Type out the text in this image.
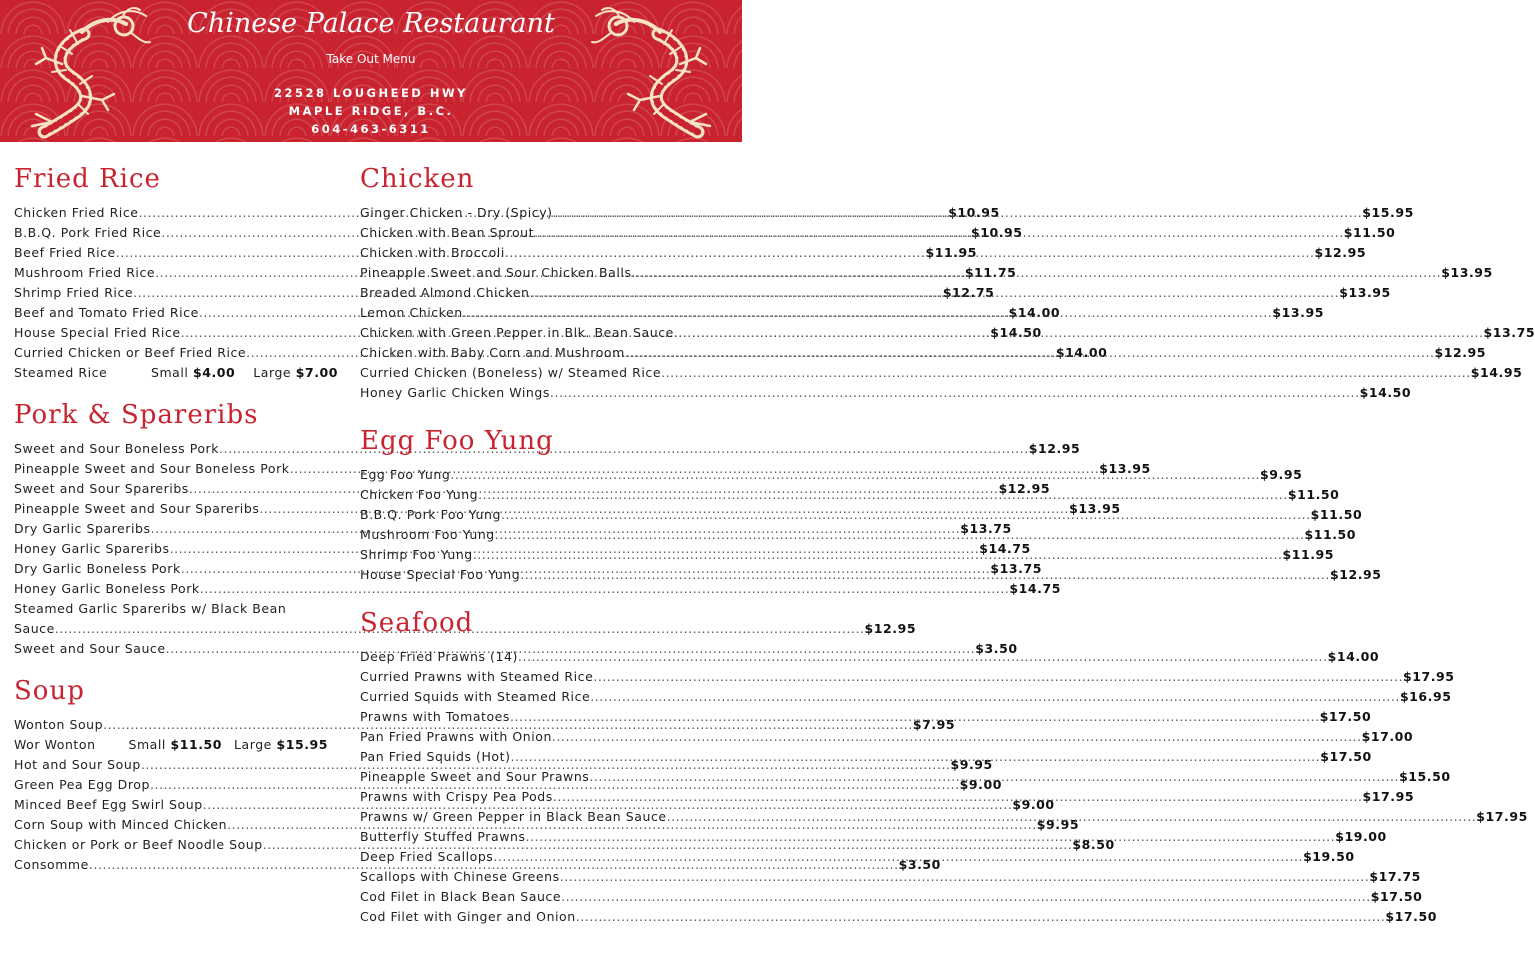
Chinese Palace Restaurant
Take Out Menu
22528 LOUGHEED HWY
MAPLE RIDGE, B.C.
604-463-6311
Fried Rice
Chicken Fried Rice .....	$10.95
B.B.Q. Pork Fried Rice .....	$10.95
Beef Fried Rice .....	$11.95
Mushroom Fried Rice .....	$11.75
Shrimp Fried Rice .....	$12.75
Beef and Tomato Fried Rice .....	$14.00
House Special Fried Rice .....	$14.50
Curried Chicken or Beef Fried Rice .....	$14.00
Steamed Rice	Small $4.00 Large $7.00
Pork & Spareribs
Sweet and Sour Boneless Pork .....	$12.95
Pineapple Sweet and Sour Boneless Pork .....	$13.95
Sweet and Sour Spareribs .....	$12.95
Pineapple Sweet and Sour Spareribs .....	$13.95
Dry Garlic Spareribs .....	$13.75
Honey Garlic Spareribs .....	$14.75
Dry Garlic Boneless Pork .....	$13.75
Honey Garlic Boneless Pork .....	$14.75
Steamed Garlic Spareribs w/ Black Bean
Sauce .....	$12.95
Sweet and Sour Sauce .....	$3.50
Soup
Wonton Soup .....	$7.95
Wor Wonton	Small $11.50 Large $15.95
Hot and Sour Soup .....	$9.95
Green Pea Egg Drop .....	$9.00
Minced Beef Egg Swirl Soup .....	$9.00
Corn Soup with Minced Chicken .....	$9.95
Chicken or Pork or Beef Noodle Soup .....	$8.50
Consomme .....	$3.50
Chicken
Ginger Chicken - Dry (Spicy) .....	$15.95
Chicken with Bean Sprout .....	$11.50
Chicken with Broccoli .....	$12.95
Pineapple Sweet and Sour Chicken Balls .....	$13.95
Breaded Almond Chicken .....	$13.95
Lemon Chicken .....	$13.95
Chicken with Green Pepper in Blk. Bean Sauce .....	$13.75
Chicken with Baby Corn and Mushroom .....	$12.95
Curried Chicken (Boneless) w/ Steamed Rice .....	$14.95
Honey Garlic Chicken Wings .....	$14.50
Egg Foo Yung
Egg Foo Yung .....	$9.95
Chicken Foo Yung .....	$11.50
B.B.Q. Pork Foo Yung .....	$11.50
Mushroom Foo Yung .....	$11.50
Shrimp Foo Yung .....	$11.95
House Special Foo Yung .....	$12.95
Seafood
Deep Fried Prawns (14) .....	$14.00
Curried Prawns with Steamed Rice .....	$17.95
Curried Squids with Steamed Rice .....	$16.95
Prawns with Tomatoes .....	$17.50
Pan Fried Prawns with Onion .....	$17.00
Pan Fried Squids (Hot) .....	$17.50
Pineapple Sweet and Sour Prawns .....	$15.50
Prawns with Crispy Pea Pods .....	$17.95
Prawns w/ Green Pepper in Black Bean Sauce .....	$17.95
Butterfly Stuffed Prawns .....	$19.00
Deep Fried Scallops .....	$19.50
Scallops with Chinese Greens .....	$17.75
Cod Filet in Black Bean Sauce .....	$17.50
Cod Filet with Ginger and Onion .....	$17.50
